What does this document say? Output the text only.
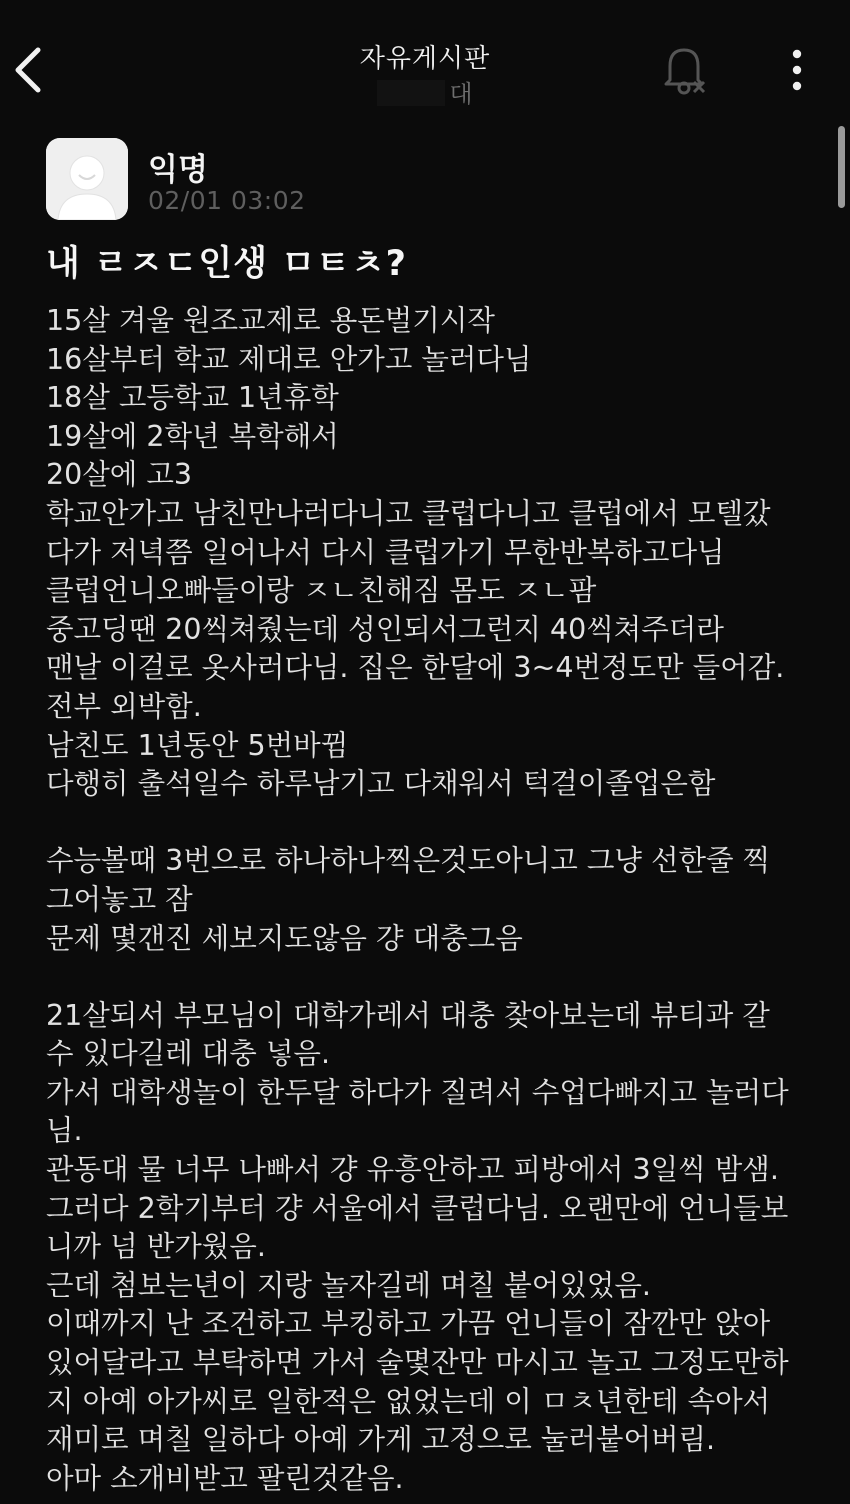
자유게시판
대
익명
02/01 03:02
내 ㄹㅈㄷ인생 ㅁㅌㅊ?
15살 겨울 원조교제로 용돈벌기시작
16살부터 학교 제대로 안가고 놀러다님
18살 고등학교 1년휴학
19살에 2학년 복학해서
20살에 고3
학교안가고 남친만나러다니고 클럽다니고 클럽에서 모텔갔
다가 저녁쯤 일어나서 다시 클럽가기 무한반복하고다님
클럽언니오빠들이랑 ㅈㄴ친해짐 몸도 ㅈㄴ팜
중고딩땐 20씩쳐줬는데 성인되서그런지 40씩쳐주더라
맨날 이걸로 옷사러다님. 집은 한달에 3~4번정도만 들어감.
전부 외박함.
남친도 1년동안 5번바뀜
다행히 출석일수 하루남기고 다채워서 턱걸이졸업은함
수능볼때 3번으로 하나하나찍은것도아니고 그냥 선한줄 찍
그어놓고 잠
문제 몇갠진 세보지도않음 걍 대충그음
21살되서 부모님이 대학가레서 대충 찾아보는데 뷰티과 갈
수 있다길레 대충 넣음.
가서 대학생놀이 한두달 하다가 질려서 수업다빠지고 놀러다
님.
관동대 물 너무 나빠서 걍 유흥안하고 피방에서 3일씩 밤샘.
그러다 2학기부터 걍 서울에서 클럽다님. 오랜만에 언니들보
니까 넘 반가웠음.
근데 첨보는년이 지랑 놀자길레 며칠 붙어있었음.
이때까지 난 조건하고 부킹하고 가끔 언니들이 잠깐만 앉아
있어달라고 부탁하면 가서 술몇잔만 마시고 놀고 그정도만하
지 아예 아가씨로 일한적은 없었는데 이 ㅁㅊ년한테 속아서
재미로 며칠 일하다 아예 가게 고정으로 눌러붙어버림.
아마 소개비받고 팔린것같음.
